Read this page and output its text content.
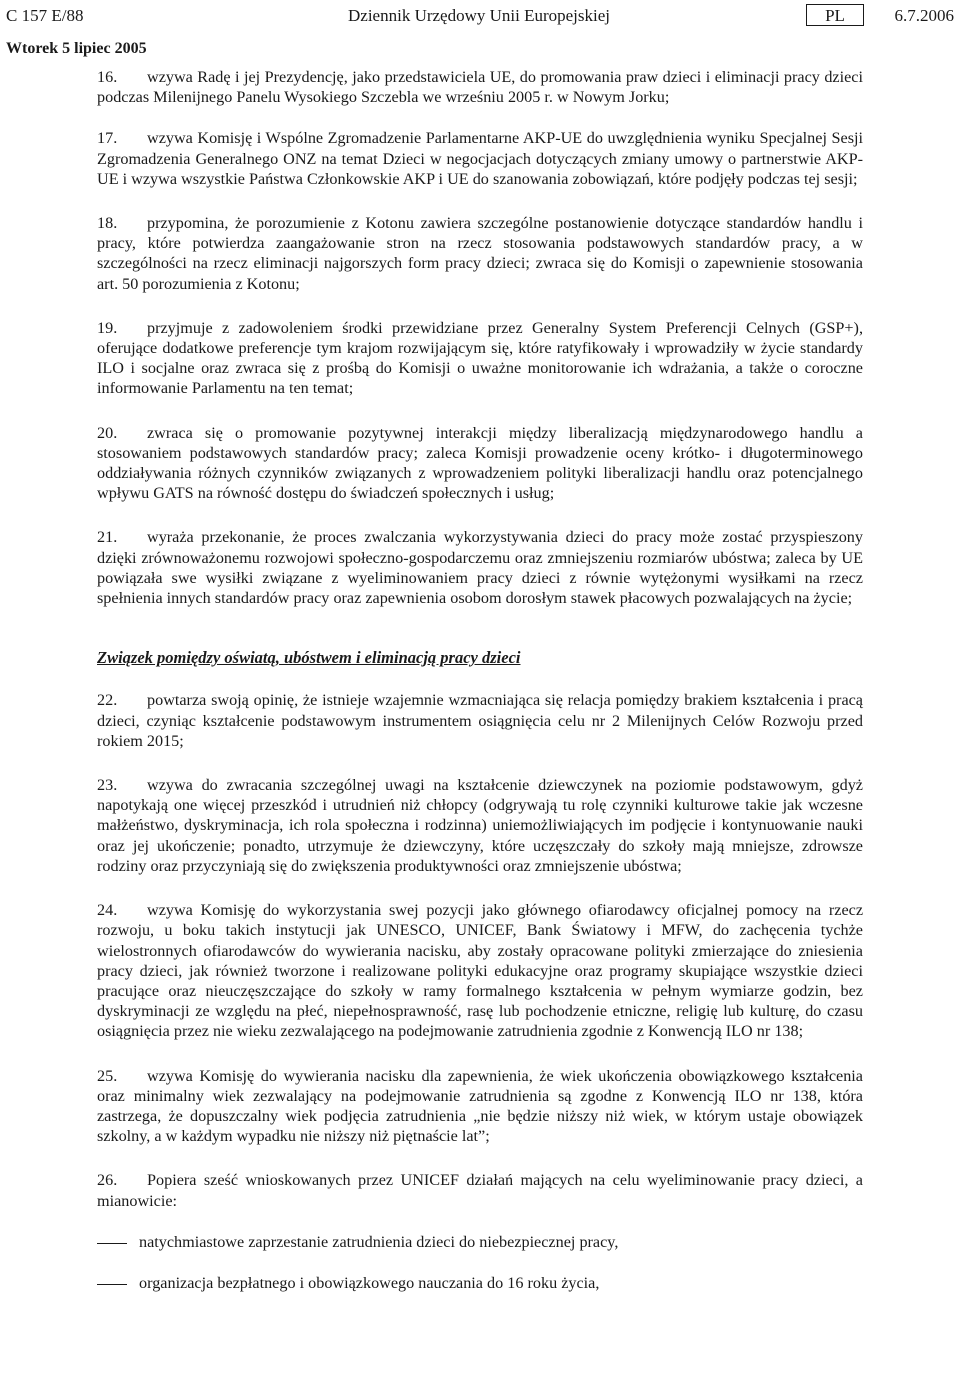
C 157 E/88	Dziennik Urzędowy Unii Europejskiej	PL	6.7.2006
Wtorek 5 lipiec 2005

16. wzywa Radę i jej Prezydencję, jako przedstawiciela UE, do promowania praw dzieci i eliminacji pracy dzieci podczas Milenijnego Panelu Wysokiego Szczebla we wrześniu 2005 r. w Nowym Jorku;

17. wzywa Komisję i Wspólne Zgromadzenie Parlamentarne AKP-UE do uwzględnienia wyniku Specjalnej Sesji Zgromadzenia Generalnego ONZ na temat Dzieci w negocjacjach dotyczących zmiany umowy o partnerstwie AKP-UE i wzywa wszystkie Państwa Członkowskie AKP i UE do szanowania zobowiązań, które podjęły podczas tej sesji;

18. przypomina, że porozumienie z Kotonu zawiera szczególne postanowienie dotyczące standardów handlu i pracy, które potwierdza zaangażowanie stron na rzecz stosowania podstawowych standardów pracy, a w szczególności na rzecz eliminacji najgorszych form pracy dzieci; zwraca się do Komisji o zapewnienie stosowania art. 50 porozumienia z Kotonu;

19. przyjmuje z zadowoleniem środki przewidziane przez Generalny System Preferencji Celnych (GSP+), oferujące dodatkowe preferencje tym krajom rozwijającym się, które ratyfikowały i wprowadziły w życie standardy ILO i socjalne oraz zwraca się z prośbą do Komisji o uważne monitorowanie ich wdrażania, a także o coroczne informowanie Parlamentu na ten temat;

20. zwraca się o promowanie pozytywnej interakcji między liberalizacją międzynarodowego handlu a stosowaniem podstawowych standardów pracy; zaleca Komisji prowadzenie oceny krótko- i długoterminowego oddziaływania różnych czynników związanych z wprowadzeniem polityki liberalizacji handlu oraz potencjalnego wpływu GATS na równość dostępu do świadczeń społecznych i usług;

21. wyraża przekonanie, że proces zwalczania wykorzystywania dzieci do pracy może zostać przyspieszony dzięki zrównoważonemu rozwojowi społeczno-gospodarczemu oraz zmniejszeniu rozmiarów ubóstwa; zaleca by UE powiązała swe wysiłki związane z wyeliminowaniem pracy dzieci z równie wytężonymi wysiłkami na rzecz spełnienia innych standardów pracy oraz zapewnienia osobom dorosłym stawek płacowych pozwalających na życie;

Związek pomiędzy oświatą, ubóstwem i eliminacją pracy dzieci

22. powtarza swoją opinię, że istnieje wzajemnie wzmacniająca się relacja pomiędzy brakiem kształcenia i pracą dzieci, czyniąc kształcenie podstawowym instrumentem osiągnięcia celu nr 2 Milenijnych Celów Rozwoju przed rokiem 2015;

23. wzywa do zwracania szczególnej uwagi na kształcenie dziewczynek na poziomie podstawowym, gdyż napotykają one więcej przeszkód i utrudnień niż chłopcy (odgrywają tu rolę czynniki kulturowe takie jak wczesne małżeństwo, dyskryminacja, ich rola społeczna i rodzinna) uniemożliwiających im podjęcie i kontynuowanie nauki oraz jej ukończenie; ponadto, utrzymuje że dziewczyny, które uczęszczały do szkoły mają mniejsze, zdrowsze rodziny oraz przyczyniają się do zwiększenia produktywności oraz zmniejszenie ubóstwa;

24. wzywa Komisję do wykorzystania swej pozycji jako głównego ofiarodawcy oficjalnej pomocy na rzecz rozwoju, u boku takich instytucji jak UNESCO, UNICEF, Bank Światowy i MFW, do zachęcenia tychże wielostronnych ofiarodawców do wywierania nacisku, aby zostały opracowane polityki zmierzające do zniesienia pracy dzieci, jak również tworzone i realizowane polityki edukacyjne oraz programy skupiające wszystkie dzieci pracujące oraz nieuczęszczające do szkoły w ramy formalnego kształcenia w pełnym wymiarze godzin, bez dyskryminacji ze względu na płeć, niepełnosprawność, rasę lub pochodzenie etniczne, religię lub kulturę, do czasu osiągnięcia przez nie wieku zezwalającego na podejmowanie zatrudnienia zgodnie z Konwencją ILO nr 138;

25. wzywa Komisję do wywierania nacisku dla zapewnienia, że wiek ukończenia obowiązkowego kształcenia oraz minimalny wiek zezwalający na podejmowanie zatrudnienia są zgodne z Konwencją ILO nr 138, która zastrzega, że dopuszczalny wiek podjęcia zatrudnienia „nie będzie niższy niż wiek, w którym ustaje obowiązek szkolny, a w każdym wypadku nie niższy niż piętnaście lat”;

26. Popiera sześć wnioskowanych przez UNICEF działań mających na celu wyeliminowanie pracy dzieci, a mianowicie:

natychmiastowe zaprzestanie zatrudnienia dzieci do niebezpiecznej pracy,
organizacja bezpłatnego i obowiązkowego nauczania do 16 roku życia,
